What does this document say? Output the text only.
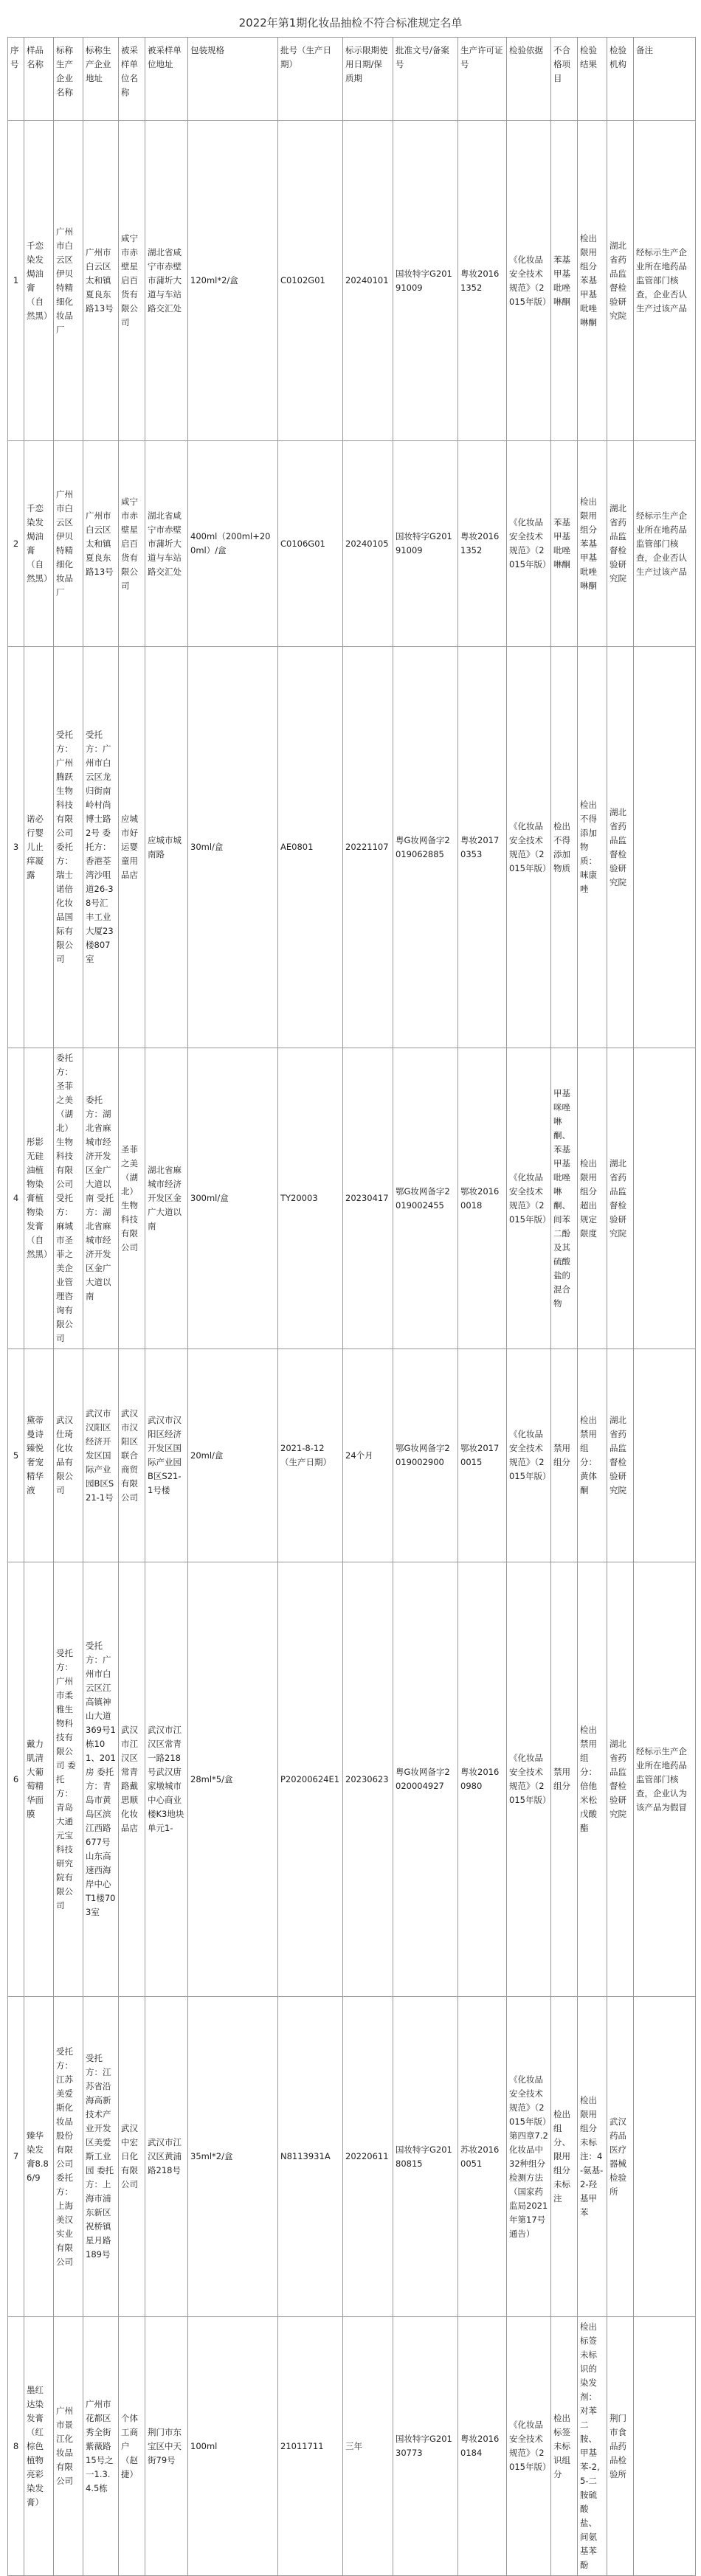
2022年第1期化妆品抽检不符合标准规定名单
序号	样品名称	标称生产企业名称	标称生产企业地址	被采样单位名称	被采样单位地址	包装规格	批号（生产日期）	标示限期使用日期/保质期	批准文号/备案号	生产许可证号	检验依据	不合格项目	检验结果	检验机构	备注
1	千恋染发焗油膏（自然黑）	广州市白云区伊贝特精细化妆品厂	广州市白云区太和镇夏良东路13号	咸宁市赤壁星启百货有限公司	湖北省咸宁市赤壁市蒲圻大道与车站路交汇处	120ml*2/盒	C0102G01	20240101	国妆特字G20191009	粤妆20161352	《化妆品安全技术规范》（2015年版）	苯基甲基吡唑啉酮	检出限用组分苯基甲基吡唑啉酮	湖北省药品监督检验研究院	经标示生产企业所在地药品监管部门核查，企业否认生产过该产品
2	千恋染发焗油膏（自然黑）	广州市白云区伊贝特精细化妆品厂	广州市白云区太和镇夏良东路13号	咸宁市赤壁星启百货有限公司	湖北省咸宁市赤壁市蒲圻大道与车站路交汇处	400ml（200ml+200ml）/盒	C0106G01	20240105	国妆特字G20191009	粤妆20161352	《化妆品安全技术规范》（2015年版）	苯基甲基吡唑啉酮	检出限用组分苯基甲基吡唑啉酮	湖北省药品监督检验研究院	经标示生产企业所在地药品监管部门核查，企业否认生产过该产品
3	诺必行婴儿止痒凝露	受托方：广州腾跃生物科技有限公司 委托方：瑞士诺倍化妆品国际有限公司	受托方：广州市白云区龙归街南岭村尚博士路2号 委托方：香港荃湾沙咀道26-38号汇丰工业大厦23楼807室	应城市好运婴童用品店	应城市城南路	30ml/盒	AE0801	20221107	粤G妆网备字2019062885	粤妆20170353	《化妆品安全技术规范》（2015年版）	检出不得添加物质	检出不得添加物质：咪康唑	湖北省药品监督检验研究院	
4	彤影无硅油植物染膏植物染发膏（自然黑）	委托方：圣菲之美（湖北）生物科技有限公司 受托方：麻城市圣菲之美企业管理咨询有限公司	委托方：湖北省麻城市经济开发区金广大道以南 受托方：湖北省麻城市经济开发区金广大道以南	圣菲之美（湖北）生物科技有限公司	湖北省麻城市经济开发区金广大道以南	300ml/盒	TY20003	20230417	鄂G妆网备字2019002455	鄂妆20160018	《化妆品安全技术规范》（2015年版）	甲基咪唑啉酮、苯基甲基吡唑啉酮、间苯二酚及其硫酸盐的混合物	检出限用组分超出规定限度	湖北省药品监督检验研究院	
5	黛蒂曼诗臻悦奢宠精华液	武汉仕琦化妆品有限公司	武汉市汉阳区经济开发区国际产业园B区S21-1号	武汉市汉阳区联合商贸有限公司	武汉市汉阳区经济开发区国际产业园B区S21-1号楼	20ml/盒	2021-8-12（生产日期）	24个月	鄂G妆网备字2019002900	鄂妆20170015	《化妆品安全技术规范》（2015年版）	禁用组分	检出禁用组分：黄体酮	湖北省药品监督检验研究院	
6	戴力肌清大葡萄精华面膜	受托方：广州市柔雅生物科技有限公司 委托方：青岛大通元宝科技研究院有限公司	受托方：广州市白云区江高镇神山大道369号1栋101、201房 委托方：青岛市黄岛区滨江西路677号山东高速西海岸中心T1楼703室	武汉市江汉区常青路戴思顺化妆品店	武汉市江汉区常青一路218号武汉唐家墩城市中心商业楼K3地块单元1-	28ml*5/盒	P20200624E1	20230623	粤G妆网备字2020004927	粤妆20160980	《化妆品安全技术规范》（2015年版）	禁用组分	检出禁用组分：倍他米松戊酸酯	湖北省药品监督检验研究院	经标示生产企业所在地药品监管部门核查，企业认为该产品为假冒
7	臻华染发膏8.86/9	受托方：江苏美爱斯化妆品股份有限公司 委托方：上海美汉实业有限公司	受托方：江苏省沿海高新技术产业开发区美爱斯工业园 委托方：上海市浦东新区祝桥镇星月路189号	武汉中宏日化有限公司	武汉市江汉区黄浦路218号	35ml*2/盒	N8113931A	20220611	国妆特字G20180815	苏妆20160051	《化妆品安全技术规范》（2015年版）第四章7.2化妆品中32种组分检测方法（国家药监局2021年第17号通告）	检出组分、限用组分未标注	检出限用组分未标注：4-氨基-2-羟基甲苯	武汉药品医疗器械检验所	
8	墨红达染发膏（红棕色植物亮彩染发膏）	广州市景江化妆品有限公司	广州市花都区秀全街紫薇路15号之一1.3.4.5栋	个体工商户（赵捷）	荆门市东宝区中天街79号	100ml	21011711	三年	国妆特字G20130773	粤妆20160184	《化妆品安全技术规范》（2015年版）	检出标签未标识组分	检出标签未标识的染发剂：对苯二胺、甲基苯-2,5-二胺硫酸盐、间氨基苯酚	荆门市食品药品检验所	
